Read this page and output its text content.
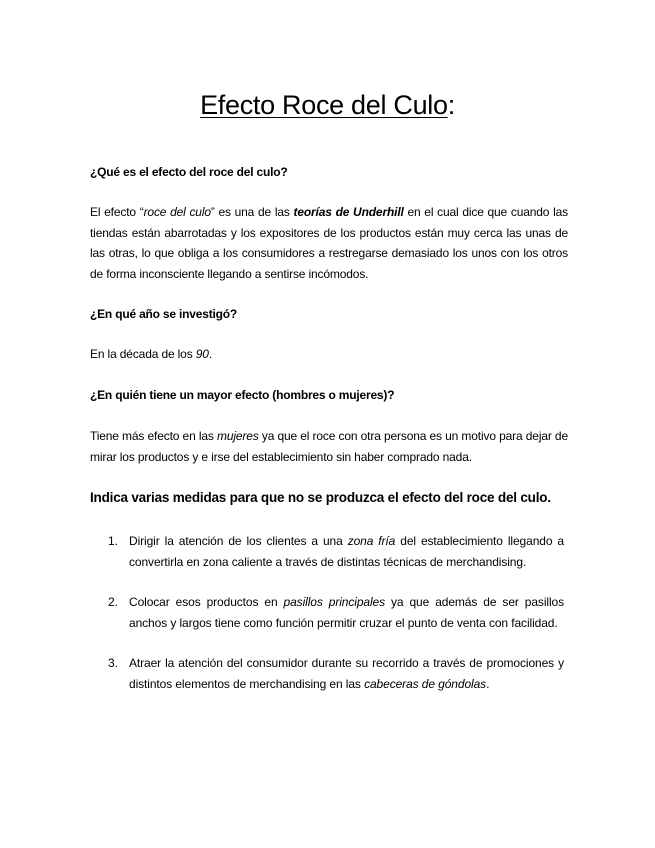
Efecto Roce del Culo:
¿Qué es el efecto del roce del culo?
El efecto “roce del culo” es una de las teorías de Underhill en el cual dice que cuando las tiendas están abarrotadas y los expositores de los productos están muy cerca las unas de las otras, lo que obliga a los consumidores a restregarse demasiado los unos con los otros de forma inconsciente llegando a sentirse incómodos.
¿En qué año se investigó?
En la década de los 90.
¿En quién tiene un mayor efecto (hombres o mujeres)?
Tiene más efecto en las mujeres ya que el roce con otra persona es un motivo para dejar de mirar los productos y e irse del establecimiento sin haber comprado nada.
Indica varias medidas para que no se produzca el efecto del roce del culo.
1. Dirigir la atención de los clientes a una zona fría del establecimiento llegando a convertirla en zona caliente a través de distintas técnicas de merchandising.
2. Colocar esos productos en pasillos principales ya que además de ser pasillos anchos y largos tiene como función permitir cruzar el punto de venta con facilidad.
3. Atraer la atención del consumidor durante su recorrido a través de promociones y distintos elementos de merchandising en las cabeceras de góndolas.
